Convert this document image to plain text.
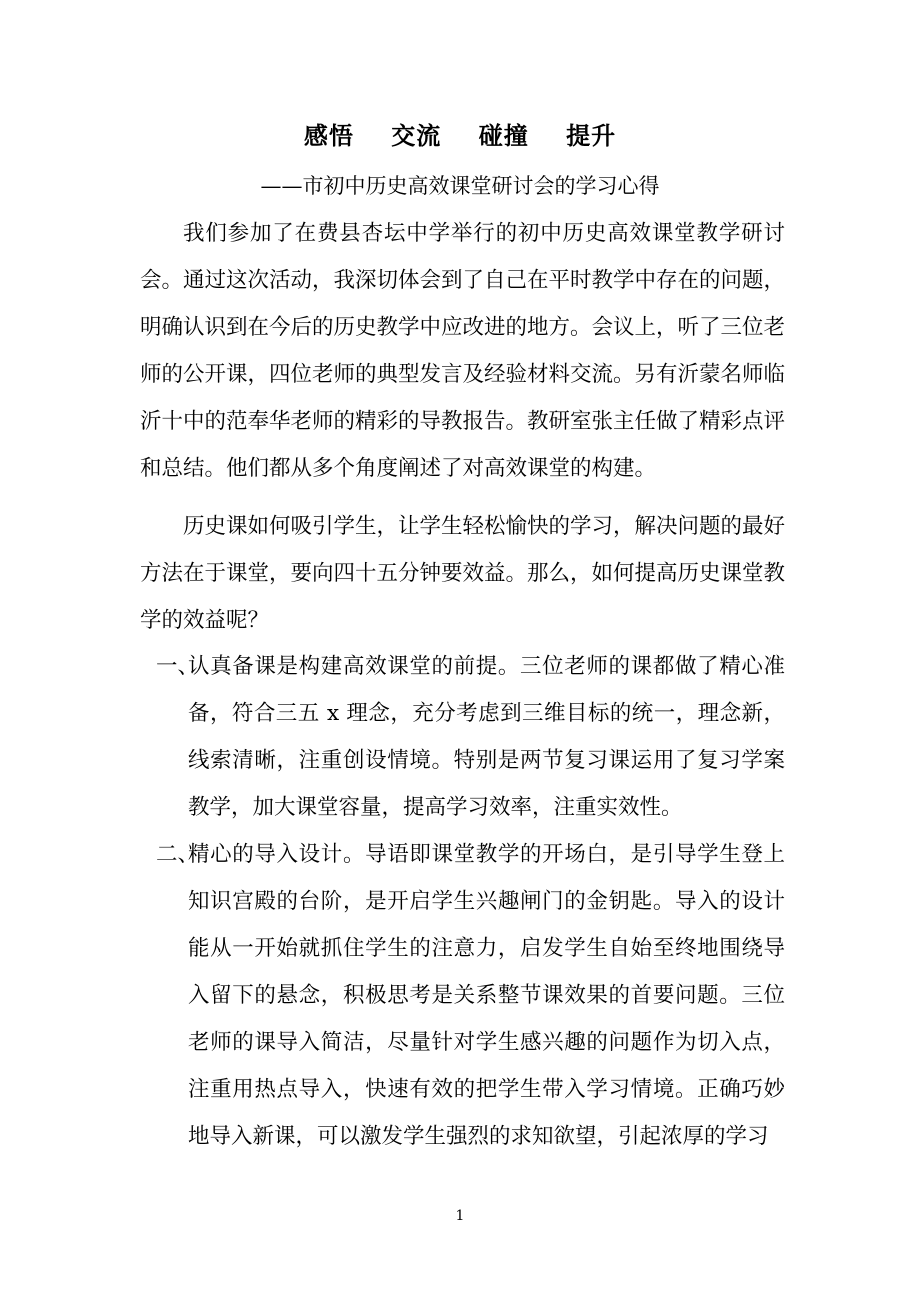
感悟    交流    碰撞    提升
——市初中历史高效课堂研讨会的学习心得

我们参加了在费县杏坛中学举行的初中历史高效课堂教学研讨会。通过这次活动，我深切体会到了自己在平时教学中存在的问题，明确认识到在今后的历史教学中应改进的地方。会议上，听了三位老师的公开课，四位老师的典型发言及经验材料交流。另有沂蒙名师临沂十中的范奉华老师的精彩的导教报告。教研室张主任做了精彩点评和总结。他们都从多个角度阐述了对高效课堂的构建。

历史课如何吸引学生，让学生轻松愉快的学习，解决问题的最好方法在于课堂，要向四十五分钟要效益。那么，如何提高历史课堂教学的效益呢？

一、
认真备课是构建高效课堂的前提。三位老师的课都做了精心准备，符合三五 x 理念，充分考虑到三维目标的统一，理念新，线索清晰，注重创设情境。特别是两节复习课运用了复习学案教学，加大课堂容量，提高学习效率，注重实效性。

二、
精心的导入设计。导语即课堂教学的开场白，是引导学生登上知识宫殿的台阶，是开启学生兴趣闸门的金钥匙。导入的设计能从一开始就抓住学生的注意力，启发学生自始至终地围绕导入留下的悬念，积极思考是关系整节课效果的首要问题。三位老师的课导入简洁，尽量针对学生感兴趣的问题作为切入点，注重用热点导入，快速有效的把学生带入学习情境。正确巧妙地导入新课，可以激发学生强烈的求知欲望，引起浓厚的学习

1
